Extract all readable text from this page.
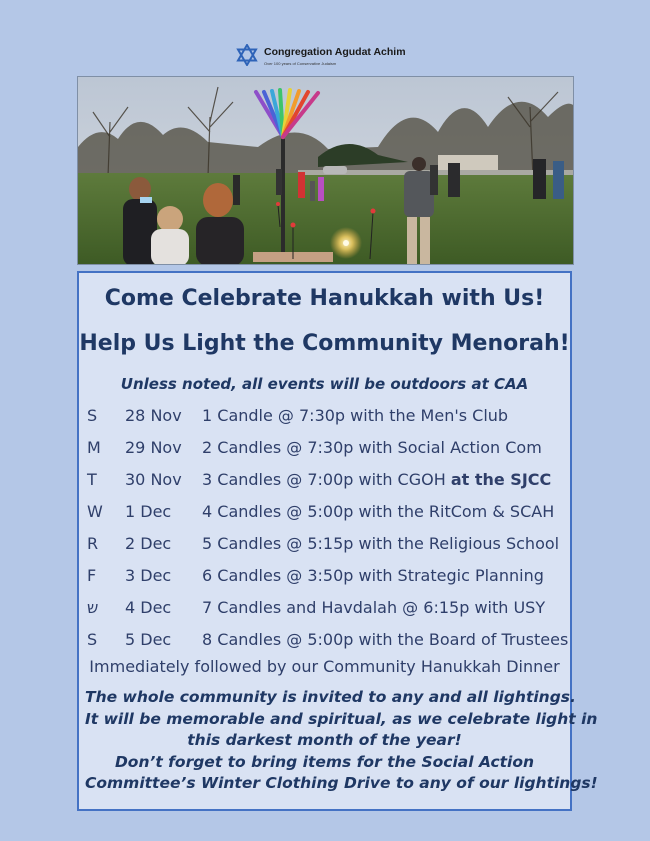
Congregation Agudat Achim
Over 100 years of Conservative Judaism
Come Celebrate Hanukkah with Us!
Help Us Light the Community Menorah!
Unless noted, all events will be outdoors at CAA
S 28 Nov 1 Candle @ 7:30p with the Men's Club
M 29 Nov 2 Candles @ 7:30p with Social Action Com
T 30 Nov 3 Candles @ 7:00p with CGOH at the SJCC
W 1 Dec 4 Candles @ 5:00p with the RitCom & SCAH
R 2 Dec 5 Candles @ 5:15p with the Religious School
F 3 Dec 6 Candles @ 3:50p with Strategic Planning
ש 4 Dec 7 Candles and Havdalah @ 6:15p with USY
S 5 Dec 8 Candles @ 5:00p with the Board of Trustees
Immediately followed by our Community Hanukkah Dinner
The whole community is invited to any and all lightings.
It will be memorable and spiritual, as we celebrate light in
this darkest month of the year!
Don’t forget to bring items for the Social Action
Committee’s Winter Clothing Drive to any of our lightings!
